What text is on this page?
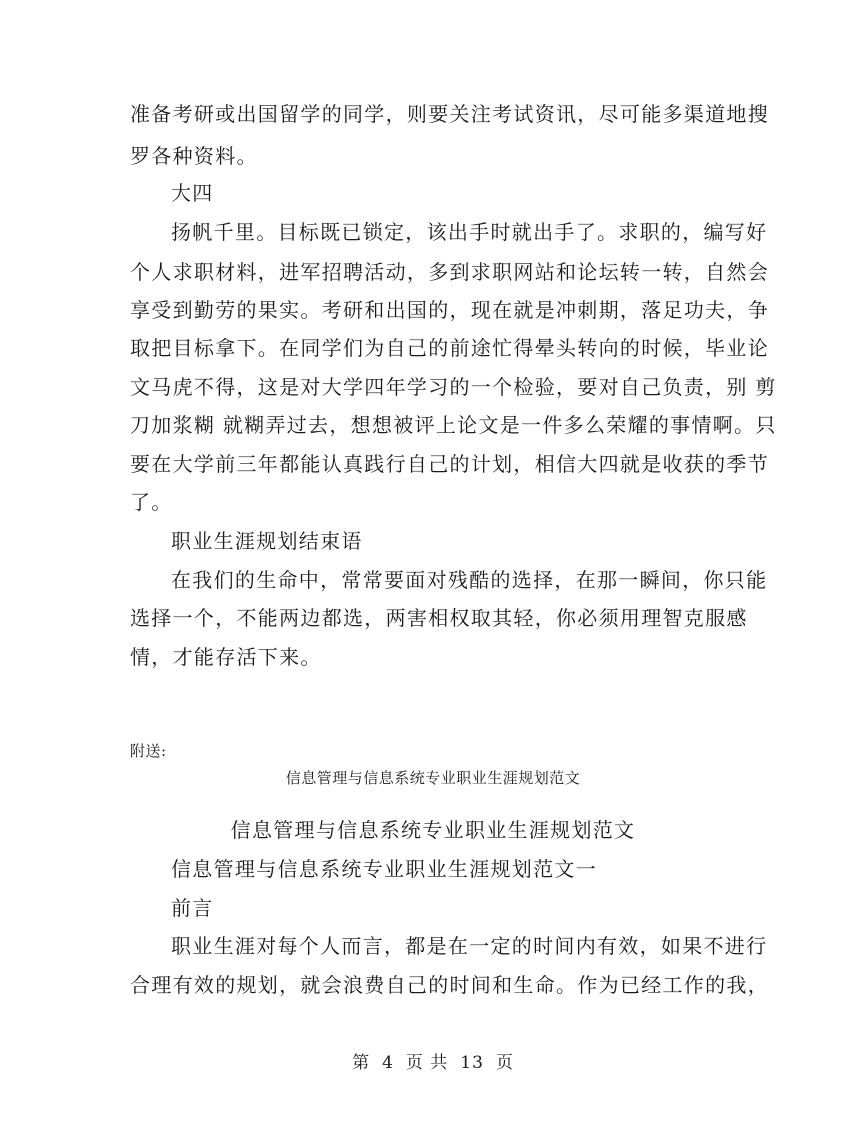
准备考研或出国留学的同学，则要关注考试资讯，尽可能多渠道地搜
罗各种资料。
大四
扬帆千里。目标既已锁定，该出手时就出手了。求职的，编写好
个人求职材料，进军招聘活动，多到求职网站和论坛转一转，自然会
享受到勤劳的果实。考研和出国的，现在就是冲刺期，落足功夫，争
取把目标拿下。在同学们为自己的前途忙得晕头转向的时候，毕业论
文马虎不得，这是对大学四年学习的一个检验，要对自己负责，别 剪
刀加浆糊 就糊弄过去，想想被评上论文是一件多么荣耀的事情啊。只
要在大学前三年都能认真践行自己的计划，相信大四就是收获的季节
了。
职业生涯规划结束语
在我们的生命中，常常要面对残酷的选择，在那一瞬间，你只能
选择一个，不能两边都选，两害相权取其轻，你必须用理智克服感
情，才能存活下来。
附送:
信息管理与信息系统专业职业生涯规划范文
信息管理与信息系统专业职业生涯规划范文
信息管理与信息系统专业职业生涯规划范文一
前言
职业生涯对每个人而言，都是在一定的时间内有效，如果不进行
合理有效的规划，就会浪费自己的时间和生命。作为已经工作的我，
第 4 页 共 13 页
